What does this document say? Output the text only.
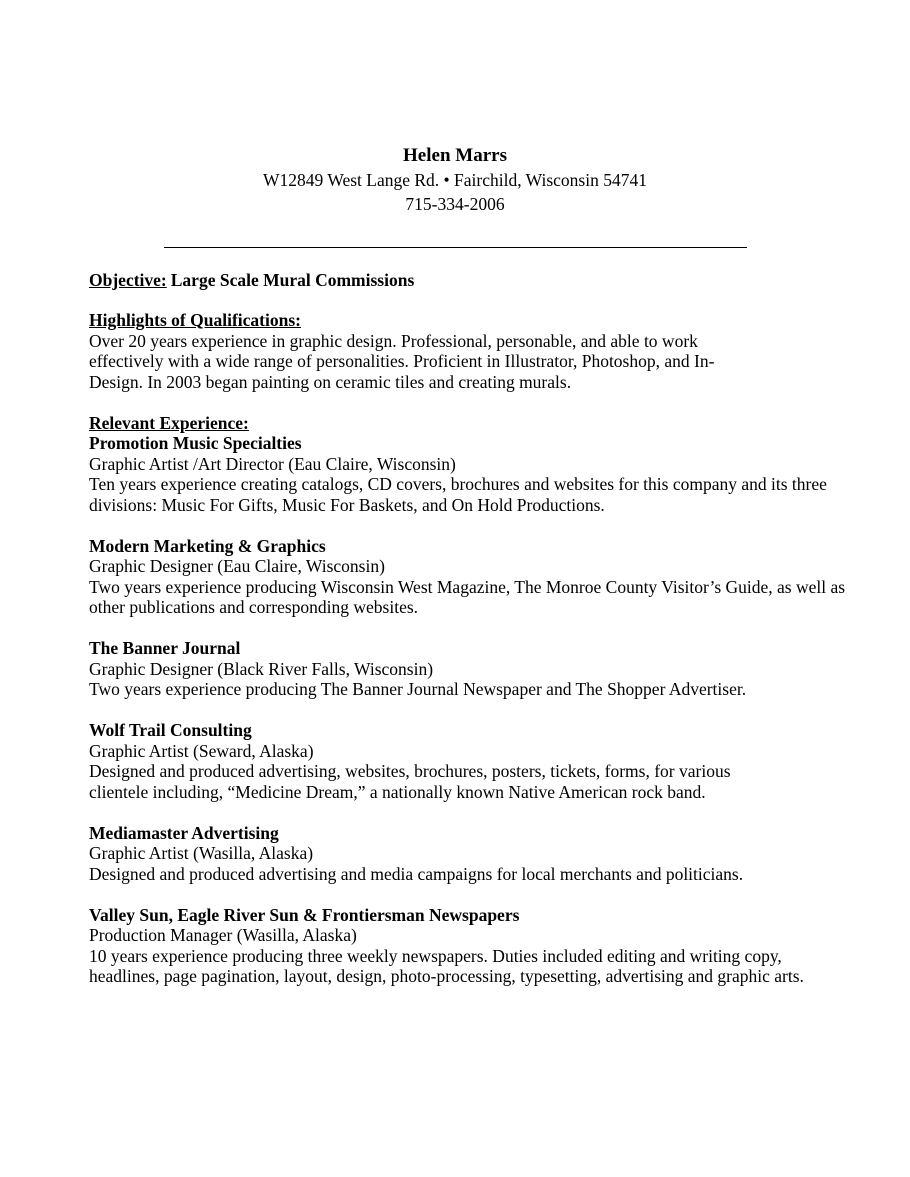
Helen Marrs
W12849 West Lange Rd. • Fairchild, Wisconsin 54741
715-334-2006

Objective: Large Scale Mural Commissions

Highlights of Qualifications:

Over 20 years experience in graphic design. Professional, personable, and able to work effectively with a wide range of personalities. Proficient in Illustrator, Photoshop, and In-Design. In 2003 began painting on ceramic tiles and creating murals.

Relevant Experience:

Promotion Music Specialties

Graphic Artist /Art Director (Eau Claire, Wisconsin)

Ten years experience creating catalogs, CD covers, brochures and websites for this company and its three divisions: Music For Gifts, Music For Baskets, and On Hold Productions.

Modern Marketing & Graphics

Graphic Designer (Eau Claire, Wisconsin)

Two years experience producing Wisconsin West Magazine, The Monroe County Visitor’s Guide, as well as other publications and corresponding websites.

The Banner Journal

Graphic Designer (Black River Falls, Wisconsin)

Two years experience producing The Banner Journal Newspaper and The Shopper Advertiser.

Wolf Trail Consulting

Graphic Artist (Seward, Alaska)

Designed and produced advertising, websites, brochures, posters, tickets, forms, for various clientele including, “Medicine Dream,” a nationally known Native American rock band.

Mediamaster Advertising

Graphic Artist (Wasilla, Alaska)

Designed and produced advertising and media campaigns for local merchants and politicians.

Valley Sun, Eagle River Sun & Frontiersman Newspapers

Production Manager (Wasilla, Alaska)

10 years experience producing three weekly newspapers. Duties included editing and writing copy, headlines, page pagination, layout, design, photo-processing, typesetting, advertising and graphic arts.
